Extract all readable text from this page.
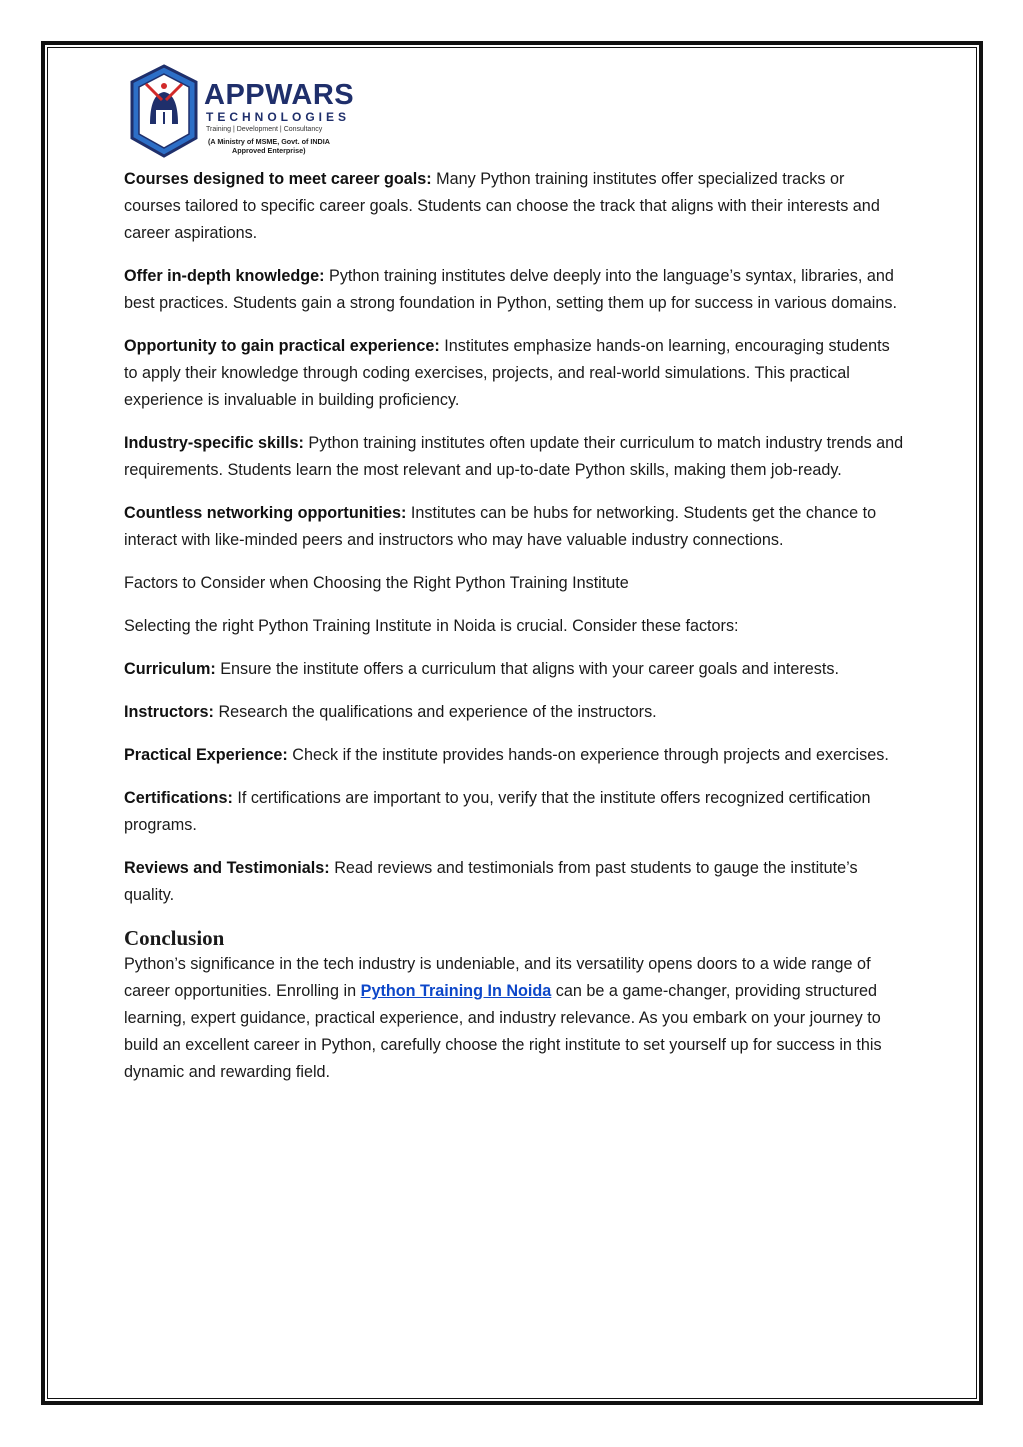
APPWARS
TECHNOLOGIES
Training | Development | Consultancy
(A Ministry of MSME, Govt. of INDIA
Approved Enterprise)

Courses designed to meet career goals: Many Python training institutes offer specialized tracks or courses tailored to specific career goals. Students can choose the track that aligns with their interests and career aspirations.

Offer in-depth knowledge: Python training institutes delve deeply into the language’s syntax, libraries, and best practices. Students gain a strong foundation in Python, setting them up for success in various domains.

Opportunity to gain practical experience: Institutes emphasize hands-on learning, encouraging students to apply their knowledge through coding exercises, projects, and real-world simulations. This practical experience is invaluable in building proficiency.

Industry-specific skills: Python training institutes often update their curriculum to match industry trends and requirements. Students learn the most relevant and up-to-date Python skills, making them job-ready.

Countless networking opportunities: Institutes can be hubs for networking. Students get the chance to interact with like-minded peers and instructors who may have valuable industry connections.

Factors to Consider when Choosing the Right Python Training Institute

Selecting the right Python Training Institute in Noida is crucial. Consider these factors:

Curriculum: Ensure the institute offers a curriculum that aligns with your career goals and interests.

Instructors: Research the qualifications and experience of the instructors.

Practical Experience: Check if the institute provides hands-on experience through projects and exercises.

Certifications: If certifications are important to you, verify that the institute offers recognized certification programs.

Reviews and Testimonials: Read reviews and testimonials from past students to gauge the institute’s quality.

Conclusion

Python’s significance in the tech industry is undeniable, and its versatility opens doors to a wide range of career opportunities. Enrolling in Python Training In Noida can be a game-changer, providing structured learning, expert guidance, practical experience, and industry relevance. As you embark on your journey to build an excellent career in Python, carefully choose the right institute to set yourself up for success in this dynamic and rewarding field.
